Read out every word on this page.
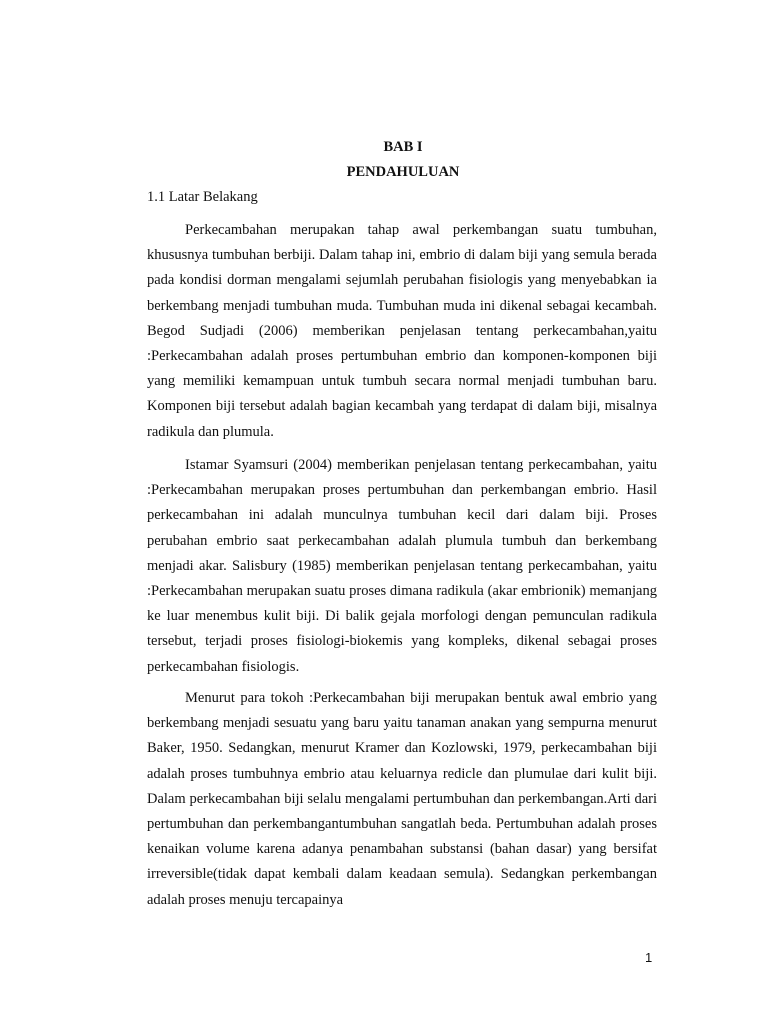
BAB I
PENDAHULUAN
1.1 Latar Belakang

Perkecambahan merupakan tahap awal perkembangan suatu tumbuhan, khususnya tumbuhan berbiji. Dalam tahap ini, embrio di dalam biji yang semula berada pada kondisi dorman mengalami sejumlah perubahan fisiologis yang menyebabkan ia berkembang menjadi tumbuhan muda. Tumbuhan muda ini dikenal sebagai kecambah. Begod Sudjadi (2006) memberikan penjelasan tentang perkecambahan,yaitu :Perkecambahan adalah proses pertumbuhan embrio dan komponen-komponen biji yang memiliki kemampuan untuk tumbuh secara normal menjadi tumbuhan baru. Komponen biji tersebut adalah bagian kecambah yang terdapat di dalam biji, misalnya radikula dan plumula.

Istamar Syamsuri (2004) memberikan penjelasan tentang perkecambahan, yaitu :Perkecambahan merupakan proses pertumbuhan dan perkembangan embrio. Hasil perkecambahan ini adalah munculnya tumbuhan kecil dari dalam biji. Proses perubahan embrio saat perkecambahan adalah plumula tumbuh dan berkembang menjadi akar. Salisbury (1985) memberikan penjelasan tentang perkecambahan, yaitu :Perkecambahan merupakan suatu proses dimana radikula (akar embrionik) memanjang ke luar menembus kulit biji. Di balik gejala morfologi dengan pemunculan radikula tersebut, terjadi proses fisiologi-biokemis yang kompleks, dikenal sebagai proses perkecambahan fisiologis.

Menurut para tokoh :Perkecambahan biji merupakan bentuk awal embrio yang berkembang menjadi sesuatu yang baru yaitu tanaman anakan yang sempurna menurut Baker, 1950. Sedangkan, menurut Kramer dan Kozlowski, 1979, perkecambahan biji adalah proses tumbuhnya embrio atau keluarnya redicle dan plumulae dari kulit biji. Dalam perkecambahan biji selalu mengalami pertumbuhan dan perkembangan.Arti dari pertumbuhan dan perkembangantumbuhan sangatlah beda. Pertumbuhan adalah proses kenaikan volume karena adanya penambahan substansi (bahan dasar) yang bersifat irreversible(tidak dapat kembali dalam keadaan semula). Sedangkan perkembangan adalah proses menuju tercapainya

1
